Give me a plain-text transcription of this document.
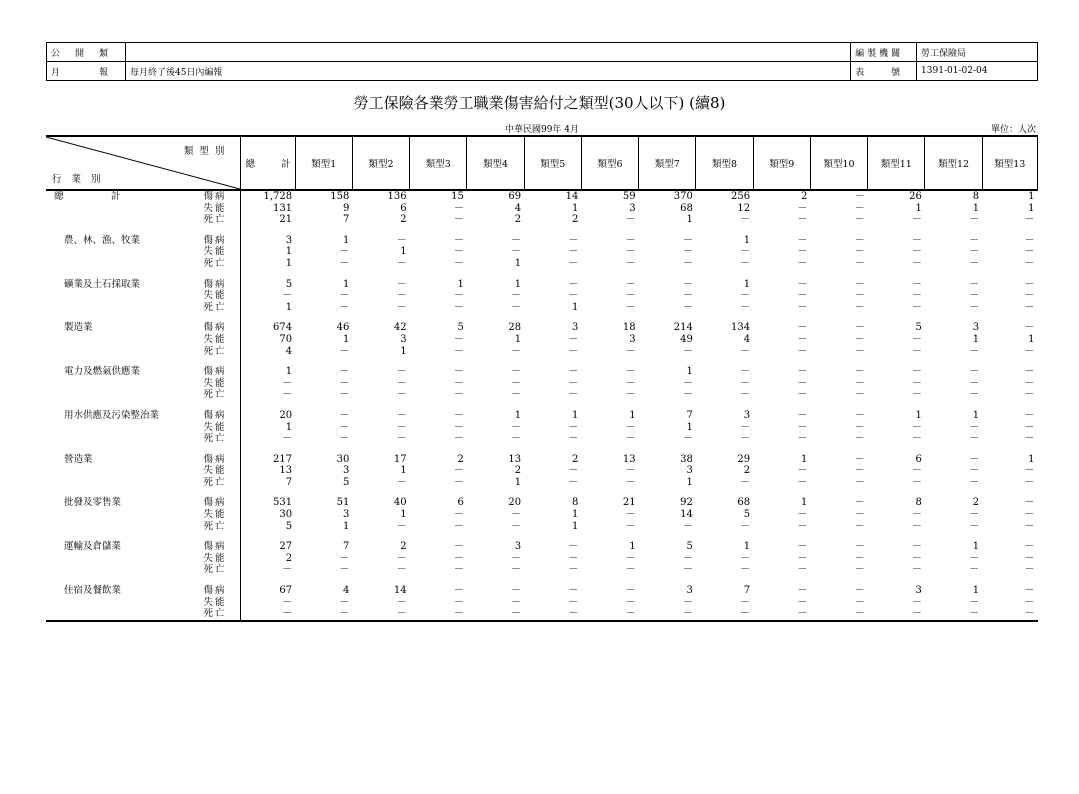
公　開　類		編製機關	勞工保險局
月　　　報	每月終了後45日內編報	表　　號	1391-01-02-04
勞工保險各業勞工職業傷害給付之類型(30人以下) (續8)
中華民國99年 4月	單位：人次
類型別
行業別		總 計	類型1	類型2	類型3	類型4	類型5	類型6	類型7	類型8	類型9	類型10	類型11	類型12	類型13
總　　　　　計	傷病	1,728	158	136	15	69	14	59	370	256	2	－	26	8	1
	失能	131	9	6	－	4	1	3	68	12	－	－	1	1	1
	死亡	21	7	2	－	2	2	－	1	－	－	－	－	－	－

農、林、漁、牧業	傷病	3	1	－	－	－	－	－	－	1	－	－	－	－	－
	失能	1	－	1	－	－	－	－	－	－	－	－	－	－	－
	死亡	1	－	－	－	1	－	－	－	－	－	－	－	－	－

礦業及土石採取業	傷病	5	1	－	1	1	－	－	－	1	－	－	－	－	－
	失能	－	－	－	－	－	－	－	－	－	－	－	－	－	－
	死亡	1	－	－	－	－	1	－	－	－	－	－	－	－	－

製造業	傷病	674	46	42	5	28	3	18	214	134	－	－	5	3	－
	失能	70	1	3	－	1	－	3	49	4	－	－	－	1	1
	死亡	4	－	1	－	－	－	－	－	－	－	－	－	－	－

電力及燃氣供應業	傷病	1	－	－	－	－	－	－	1	－	－	－	－	－	－
	失能	－	－	－	－	－	－	－	－	－	－	－	－	－	－
	死亡	－	－	－	－	－	－	－	－	－	－	－	－	－	－

用水供應及污染整治業	傷病	20	－	－	－	1	1	1	7	3	－	－	1	1	－
	失能	1	－	－	－	－	－	－	1	－	－	－	－	－	－
	死亡	－	－	－	－	－	－	－	－	－	－	－	－	－	－

營造業	傷病	217	30	17	2	13	2	13	38	29	1	－	6	－	1
	失能	13	3	1	－	2	－	－	3	2	－	－	－	－	－
	死亡	7	5	－	－	1	－	－	1	－	－	－	－	－	－

批發及零售業	傷病	531	51	40	6	20	8	21	92	68	1	－	8	2	－
	失能	30	3	1	－	－	1	－	14	5	－	－	－	－	－
	死亡	5	1	－	－	－	1	－	－	－	－	－	－	－	－

運輸及倉儲業	傷病	27	7	2	－	3	－	1	5	1	－	－	－	1	－
	失能	2	－	－	－	－	－	－	－	－	－	－	－	－	－
	死亡	－	－	－	－	－	－	－	－	－	－	－	－	－	－

住宿及餐飲業	傷病	67	4	14	－	－	－	－	3	7	－	－	3	1	－
	失能	－	－	－	－	－	－	－	－	－	－	－	－	－	－
	死亡	－	－	－	－	－	－	－	－	－	－	－	－	－	－
